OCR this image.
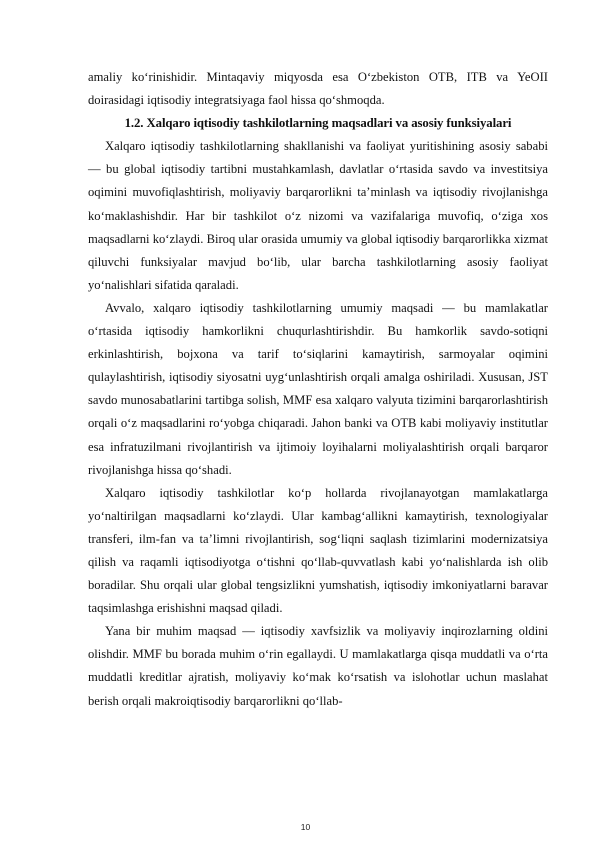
amaliy ko‘rinishidir. Mintaqaviy miqyosda esa O‘zbekiston OTB, ITB va YeOII doirasidagi iqtisodiy integratsiyaga faol hissa qo‘shmoqda.

1.2. Xalqaro iqtisodiy tashkilotlarning maqsadlari va asosiy funksiyalari

Xalqaro iqtisodiy tashkilotlarning shakllanishi va faoliyat yuritishining asosiy sababi — bu global iqtisodiy tartibni mustahkamlash, davlatlar o‘rtasida savdo va investitsiya oqimini muvofiqlashtirish, moliyaviy barqarorlikni ta’minlash va iqtisodiy rivojlanishga ko‘maklashishdir. Har bir tashkilot o‘z nizomi va vazifalariga muvofiq, o‘ziga xos maqsadlarni ko‘zlaydi. Biroq ular orasida umumiy va global iqtisodiy barqarorlikka xizmat qiluvchi funksiyalar mavjud bo‘lib, ular barcha tashkilotlarning asosiy faoliyat yo‘nalishlari sifatida qaraladi.

Avvalo, xalqaro iqtisodiy tashkilotlarning umumiy maqsadi — bu mamlakatlar o‘rtasida iqtisodiy hamkorlikni chuqurlashtirishdir. Bu hamkorlik savdo-sotiqni erkinlashtirish, bojxona va tarif to‘siqlarini kamaytirish, sarmoyalar oqimini qulaylashtirish, iqtisodiy siyosatni uyg‘unlashtirish orqali amalga oshiriladi. Xususan, JST savdo munosabatlarini tartibga solish, MMF esa xalqaro valyuta tizimini barqarorlashtirish orqali o‘z maqsadlarini ro‘yobga chiqaradi. Jahon banki va OTB kabi moliyaviy institutlar esa infratuzilmani rivojlantirish va ijtimoiy loyihalarni moliyalashtirish orqali barqaror rivojlanishga hissa qo‘shadi.

Xalqaro iqtisodiy tashkilotlar ko‘p hollarda rivojlanayotgan mamlakatlarga yo‘naltirilgan maqsadlarni ko‘zlaydi. Ular kambag‘allikni kamaytirish, texnologiyalar transferi, ilm-fan va ta’limni rivojlantirish, sog‘liqni saqlash tizimlarini modernizatsiya qilish va raqamli iqtisodiyotga o‘tishni qo‘llab-quvvatlash kabi yo‘nalishlarda ish olib boradilar. Shu orqali ular global tengsizlikni yumshatish, iqtisodiy imkoniyatlarni baravar taqsimlashga erishishni maqsad qiladi.

Yana bir muhim maqsad — iqtisodiy xavfsizlik va moliyaviy inqirozlarning oldini olishdir. MMF bu borada muhim o‘rin egallaydi. U mamlakatlarga qisqa muddatli va o‘rta muddatli kreditlar ajratish, moliyaviy ko‘mak ko‘rsatish va islohotlar uchun maslahat berish orqali makroiqtisodiy barqarorlikni qo‘llab-

10
